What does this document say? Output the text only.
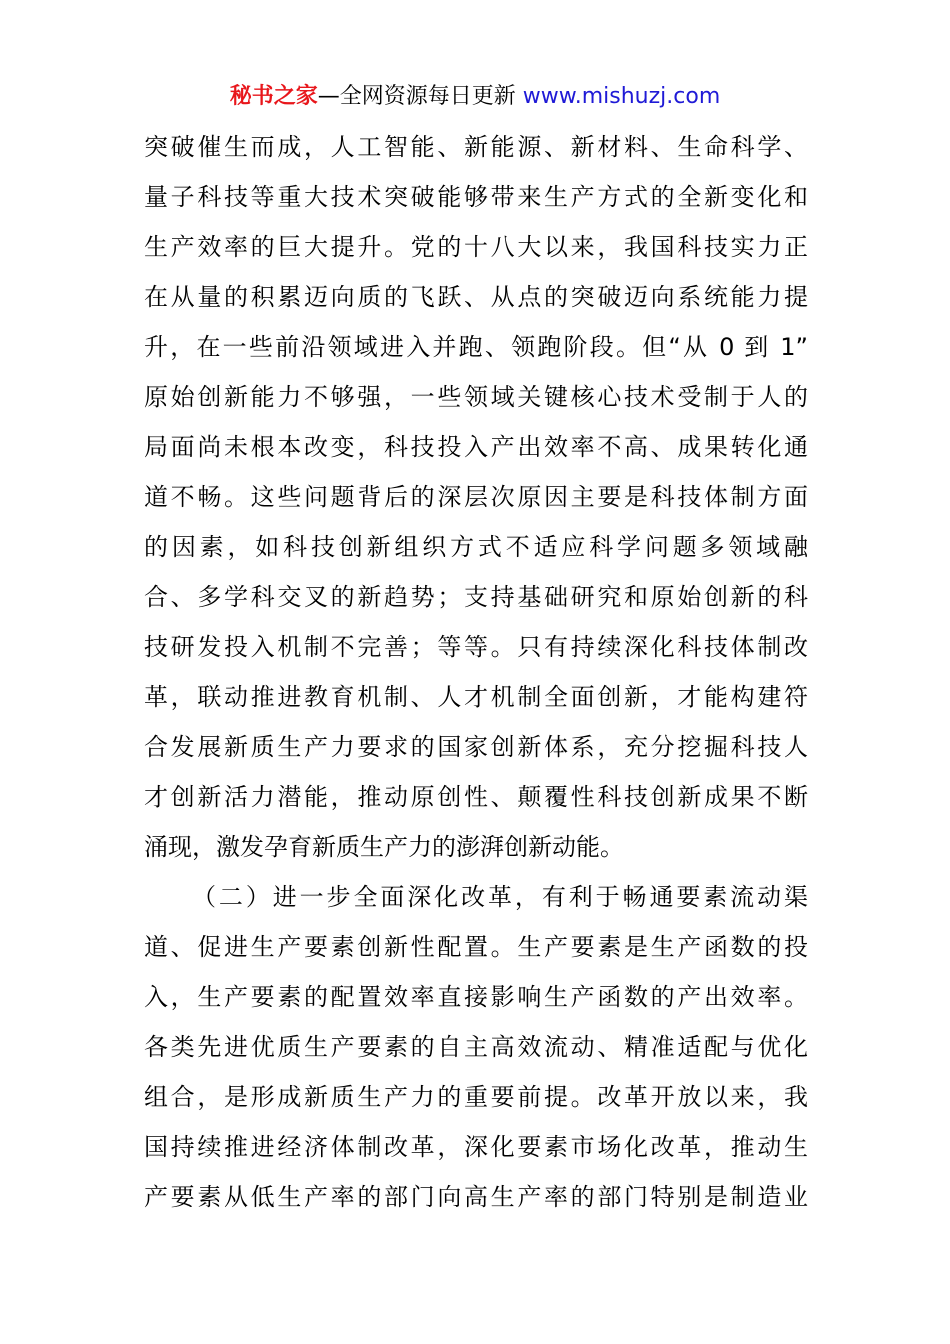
秘书之家—全网资源每日更新 www.mishuzj.com
突破催生而成，人工智能、新能源、新材料、生命科学、
量子科技等重大技术突破能够带来生产方式的全新变化和
生产效率的巨大提升。党的十八大以来，我国科技实力正
在从量的积累迈向质的飞跃、从点的突破迈向系统能力提
升，在一些前沿领域进入并跑、领跑阶段。但“从 0 到 1”
原始创新能力不够强，一些领域关键核心技术受制于人的
局面尚未根本改变，科技投入产出效率不高、成果转化通
道不畅。这些问题背后的深层次原因主要是科技体制方面
的因素，如科技创新组织方式不适应科学问题多领域融
合、多学科交叉的新趋势；支持基础研究和原始创新的科
技研发投入机制不完善；等等。只有持续深化科技体制改
革，联动推进教育机制、人才机制全面创新，才能构建符
合发展新质生产力要求的国家创新体系，充分挖掘科技人
才创新活力潜能，推动原创性、颠覆性科技创新成果不断
涌现，激发孕育新质生产力的澎湃创新动能。
（二）进一步全面深化改革，有利于畅通要素流动渠
道、促进生产要素创新性配置。生产要素是生产函数的投
入，生产要素的配置效率直接影响生产函数的产出效率。
各类先进优质生产要素的自主高效流动、精准适配与优化
组合，是形成新质生产力的重要前提。改革开放以来，我
国持续推进经济体制改革，深化要素市场化改革，推动生
产要素从低生产率的部门向高生产率的部门特别是制造业
